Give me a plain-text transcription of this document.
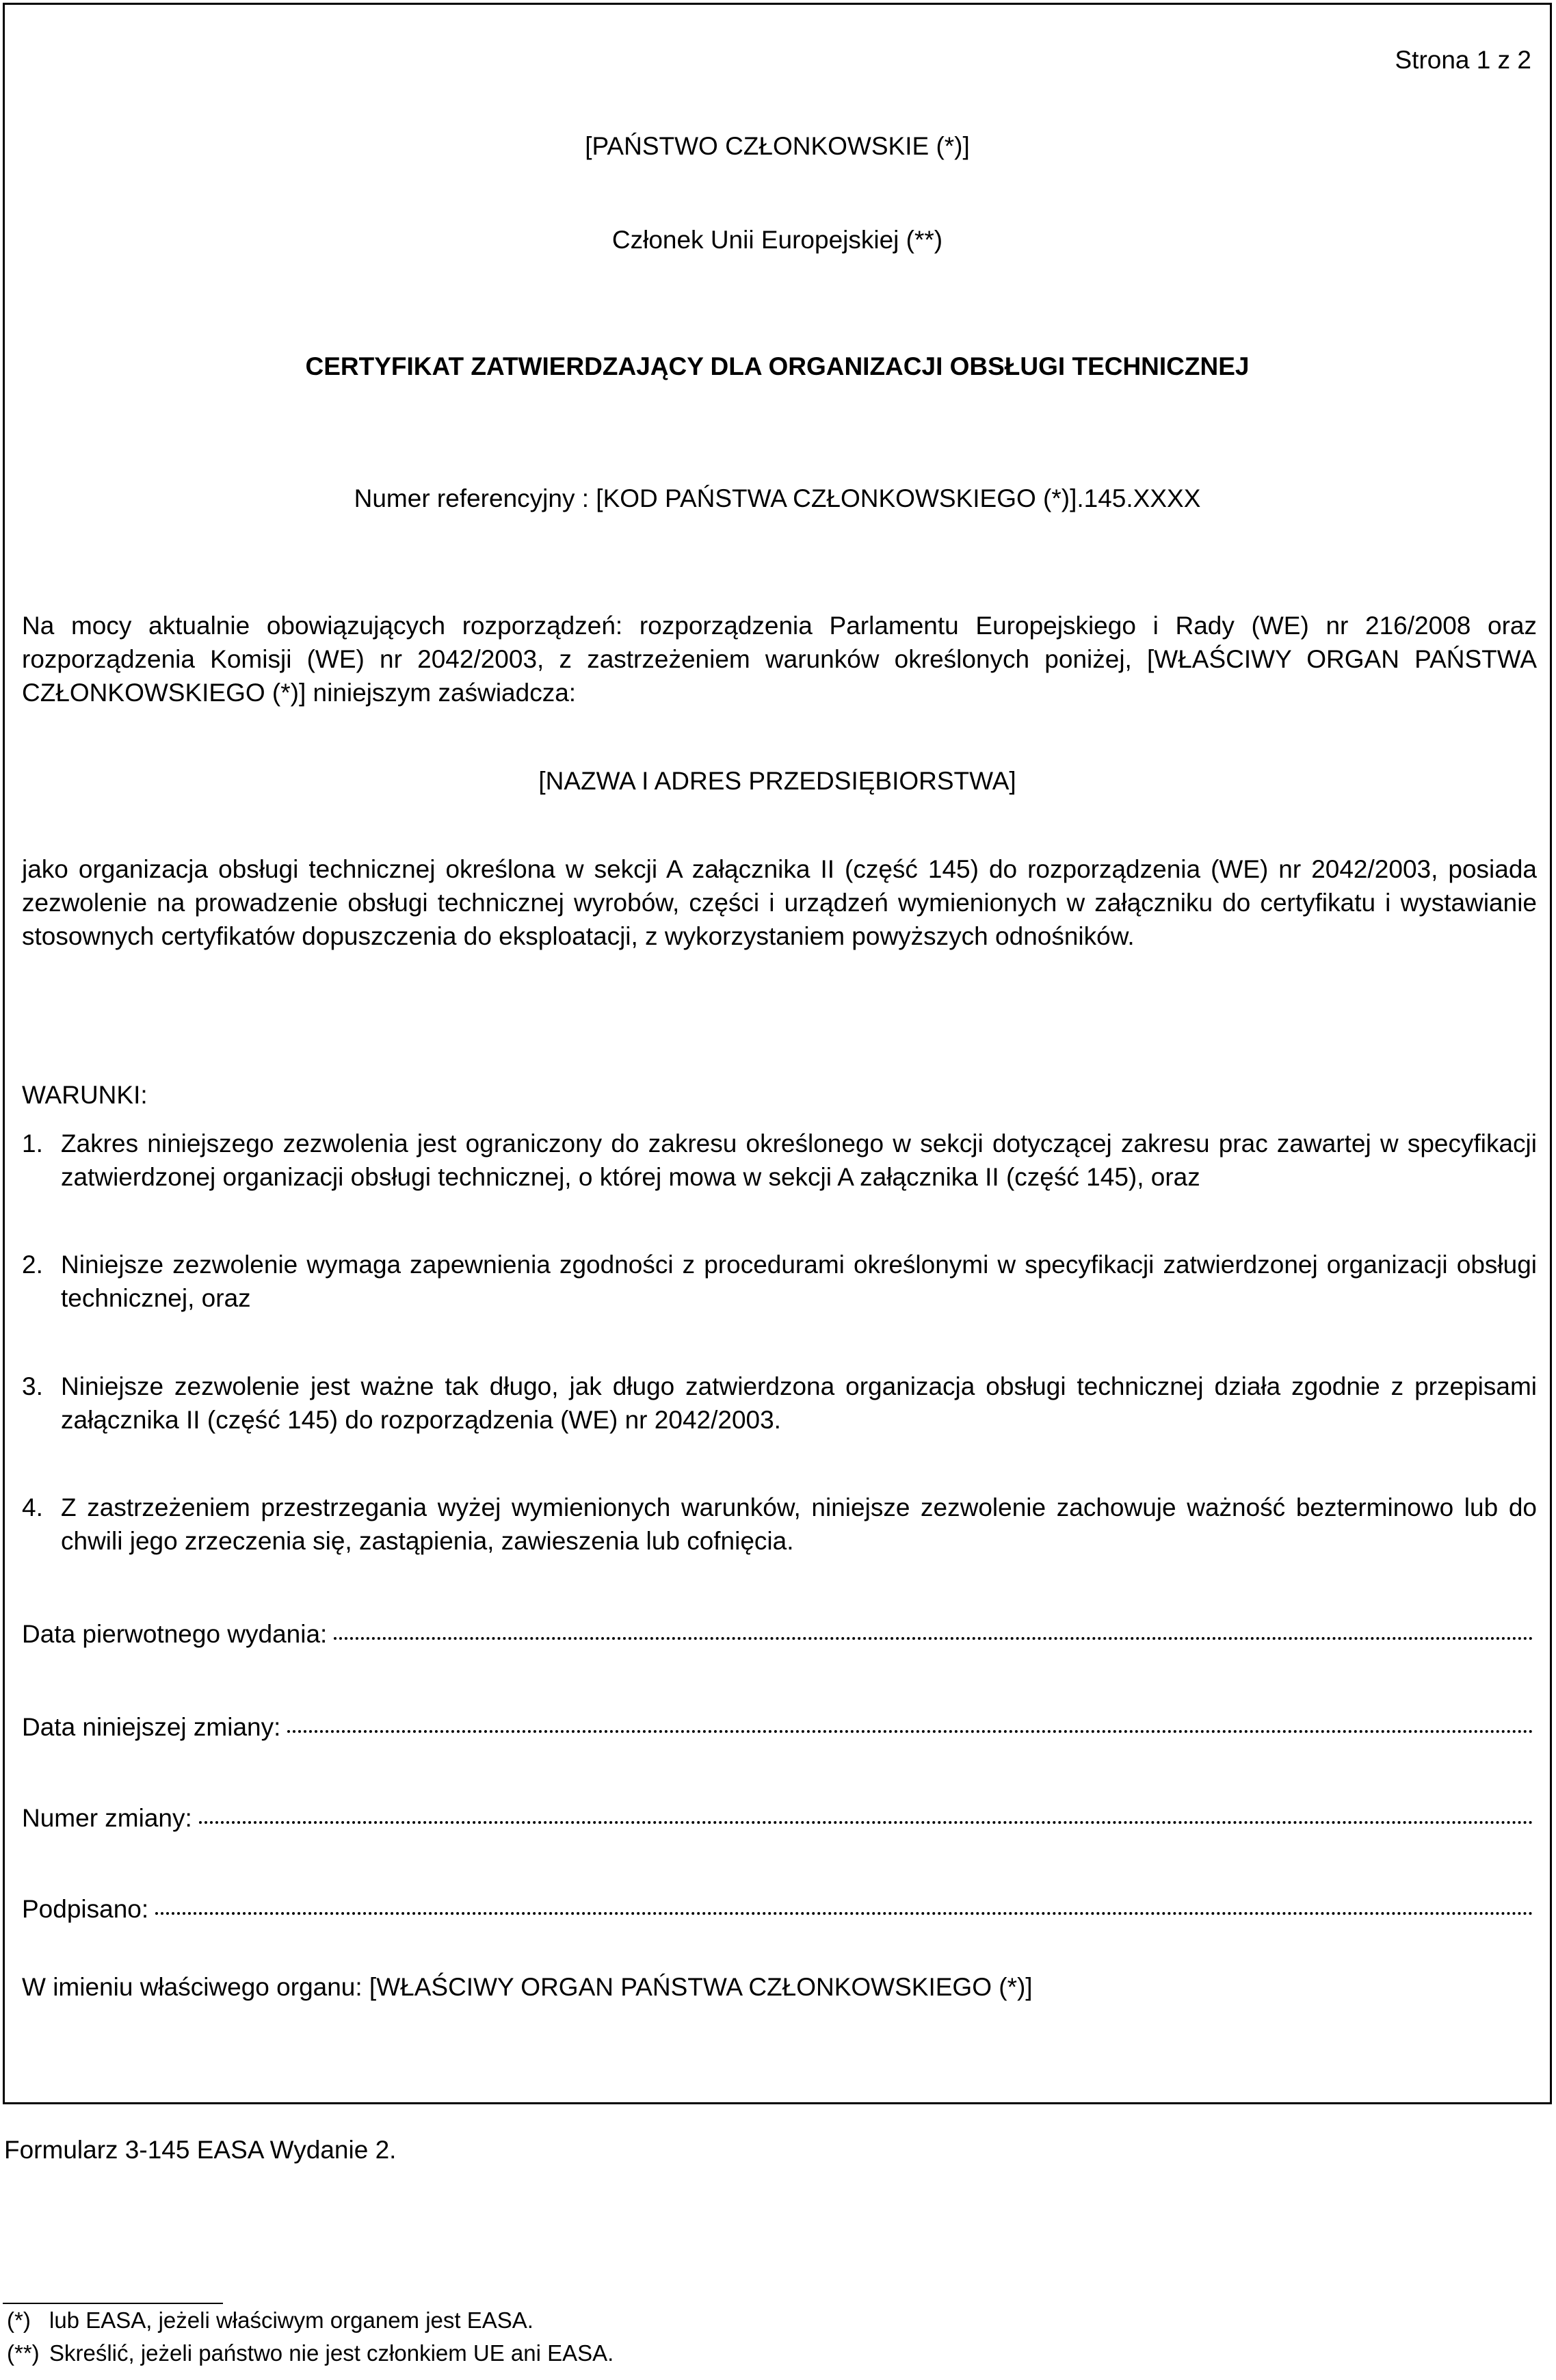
Strona 1 z 2
[PAŃSTWO CZŁONKOWSKIE (*)]
Członek Unii Europejskiej (**)
CERTYFIKAT ZATWIERDZAJĄCY DLA ORGANIZACJI OBSŁUGI TECHNICZNEJ
Numer referencyjny : [KOD PAŃSTWA CZŁONKOWSKIEGO (*)].145.XXXX
Na mocy aktualnie obowiązujących rozporządzeń: rozporządzenia Parlamentu Europejskiego i Rady (WE) nr 216/2008 oraz rozporządzenia Komisji (WE) nr 2042/2003, z zastrzeżeniem warunków określonych poniżej, [WŁAŚCIWY ORGAN PAŃSTWA CZŁONKOWSKIEGO (*)] niniejszym zaświadcza:
[NAZWA I ADRES PRZEDSIĘBIORSTWA]
jako organizacja obsługi technicznej określona w sekcji A załącznika II (część 145) do rozporządzenia (WE) nr 2042/2003, posiada zezwolenie na prowadzenie obsługi technicznej wyrobów, części i urządzeń wymienionych w załączniku do certyfikatu i wystawianie stosownych certyfikatów dopuszczenia do eksploatacji, z wykorzystaniem powyższych odnośników.
WARUNKI:
1. Zakres niniejszego zezwolenia jest ograniczony do zakresu określonego w sekcji dotyczącej zakresu prac zawartej w specyfikacji zatwierdzonej organizacji obsługi technicznej, o której mowa w sekcji A załącznika II (część 145), oraz
2. Niniejsze zezwolenie wymaga zapewnienia zgodności z procedurami określonymi w specyfikacji zatwierdzonej organizacji obsługi technicznej, oraz
3. Niniejsze zezwolenie jest ważne tak długo, jak długo zatwierdzona organizacja obsługi technicznej działa zgodnie z przepisami załącznika II (część 145) do rozporządzenia (WE) nr 2042/2003.
4. Z zastrzeżeniem przestrzegania wyżej wymienionych warunków, niniejsze zezwolenie zachowuje ważność bezterminowo lub do chwili jego zrzeczenia się, zastąpienia, zawieszenia lub cofnięcia.
Data pierwotnego wydania:
Data niniejszej zmiany:
Numer zmiany:
Podpisano:
W imieniu właściwego organu: [WŁAŚCIWY ORGAN PAŃSTWA CZŁONKOWSKIEGO (*)]
Formularz 3-145 EASA Wydanie 2.
(*) lub EASA, jeżeli właściwym organem jest EASA.
(**) Skreślić, jeżeli państwo nie jest członkiem UE ani EASA.
